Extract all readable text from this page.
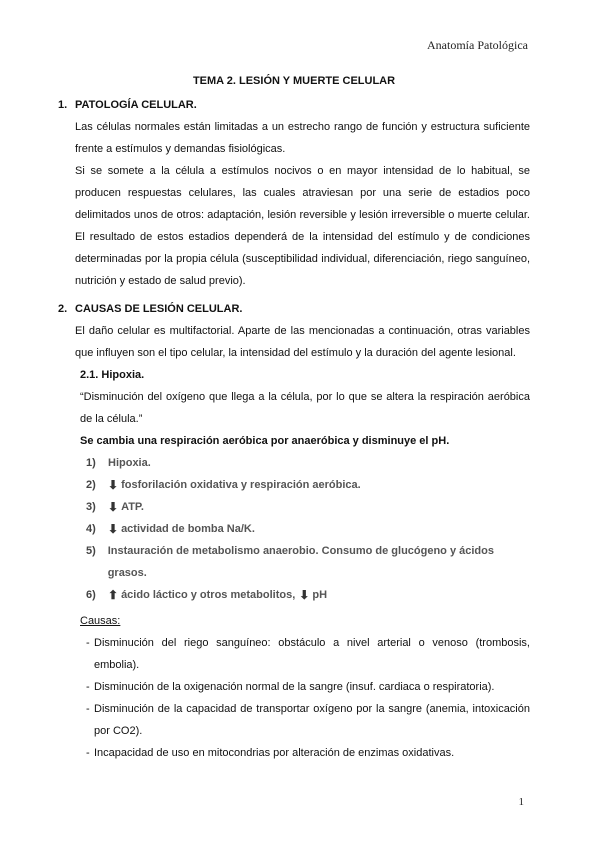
Anatomía Patológica
TEMA 2. LESIÓN Y MUERTE CELULAR
1. PATOLOGÍA CELULAR.
Las células normales están limitadas a un estrecho rango de función y estructura suficiente frente a estímulos y demandas fisiológicas.
Si se somete a la célula a estímulos nocivos o en mayor intensidad de lo habitual, se producen respuestas celulares, las cuales atraviesan por una serie de estadios poco delimitados unos de otros: adaptación, lesión reversible y lesión irreversible o muerte celular. El resultado de estos estadios dependerá de la intensidad del estímulo y de condiciones determinadas por la propia célula (susceptibilidad individual, diferenciación, riego sanguíneo, nutrición y estado de salud previo).
2. CAUSAS DE LESIÓN CELULAR.
El daño celular es multifactorial. Aparte de las mencionadas a continuación, otras variables que influyen son el tipo celular, la intensidad del estímulo y la duración del agente lesional.
2.1. Hipoxia.
“Disminución del oxígeno que llega a la célula, por lo que se altera la respiración aeróbica de la célula.”
Se cambia una respiración aeróbica por anaeróbica y disminuye el pH.
1)	Hipoxia.
2)	⬇ fosforilación oxidativa y respiración aeróbica.
3)	⬇ ATP.
4)	⬇ actividad de bomba Na/K.
5)	Instauración de metabolismo anaerobio. Consumo de glucógeno y ácidos grasos.
6)	⬆ ácido láctico y otros metabolitos, ⬇ pH
Causas:
- Disminución del riego sanguíneo: obstáculo a nivel arterial o venoso (trombosis, embolia).
- Disminución de la oxigenación normal de la sangre (insuf. cardiaca o respiratoria).
- Disminución de la capacidad de transportar oxígeno por la sangre (anemia, intoxicación por CO2).
- Incapacidad de uso en mitocondrias por alteración de enzimas oxidativas.
1
